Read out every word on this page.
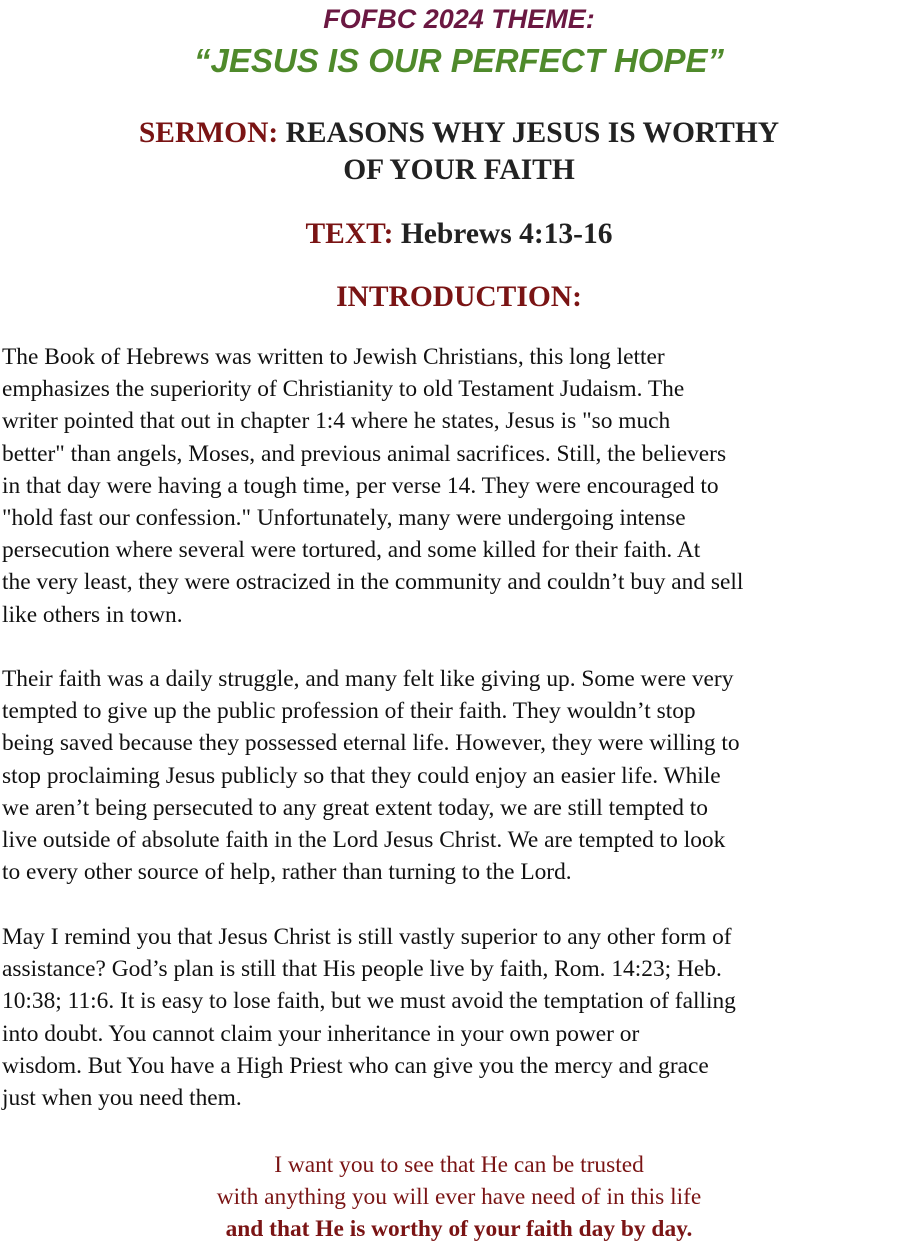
FOFBC 2024 THEME:
“JESUS IS OUR PERFECT HOPE”
SERMON: REASONS WHY JESUS IS WORTHY
OF YOUR FAITH
TEXT: Hebrews 4:13-16
INTRODUCTION:
The Book of Hebrews was written to Jewish Christians, this long letter
emphasizes the superiority of Christianity to old Testament Judaism. The
writer pointed that out in chapter 1:4 where he states, Jesus is "so much
better" than angels, Moses, and previous animal sacrifices. Still, the believers
in that day were having a tough time, per verse 14. They were encouraged to
"hold fast our confession." Unfortunately, many were undergoing intense
persecution where several were tortured, and some killed for their faith. At
the very least, they were ostracized in the community and couldn’t buy and sell
like others in town.
Their faith was a daily struggle, and many felt like giving up. Some were very
tempted to give up the public profession of their faith. They wouldn’t stop
being saved because they possessed eternal life. However, they were willing to
stop proclaiming Jesus publicly so that they could enjoy an easier life. While
we aren’t being persecuted to any great extent today, we are still tempted to
live outside of absolute faith in the Lord Jesus Christ. We are tempted to look
to every other source of help, rather than turning to the Lord.
May I remind you that Jesus Christ is still vastly superior to any other form of
assistance? God’s plan is still that His people live by faith, Rom. 14:23; Heb.
10:38; 11:6. It is easy to lose faith, but we must avoid the temptation of falling
into doubt. You cannot claim your inheritance in your own power or
wisdom. But You have a High Priest who can give you the mercy and grace
just when you need them.
I want you to see that He can be trusted
with anything you will ever have need of in this life
and that He is worthy of your faith day by day.
